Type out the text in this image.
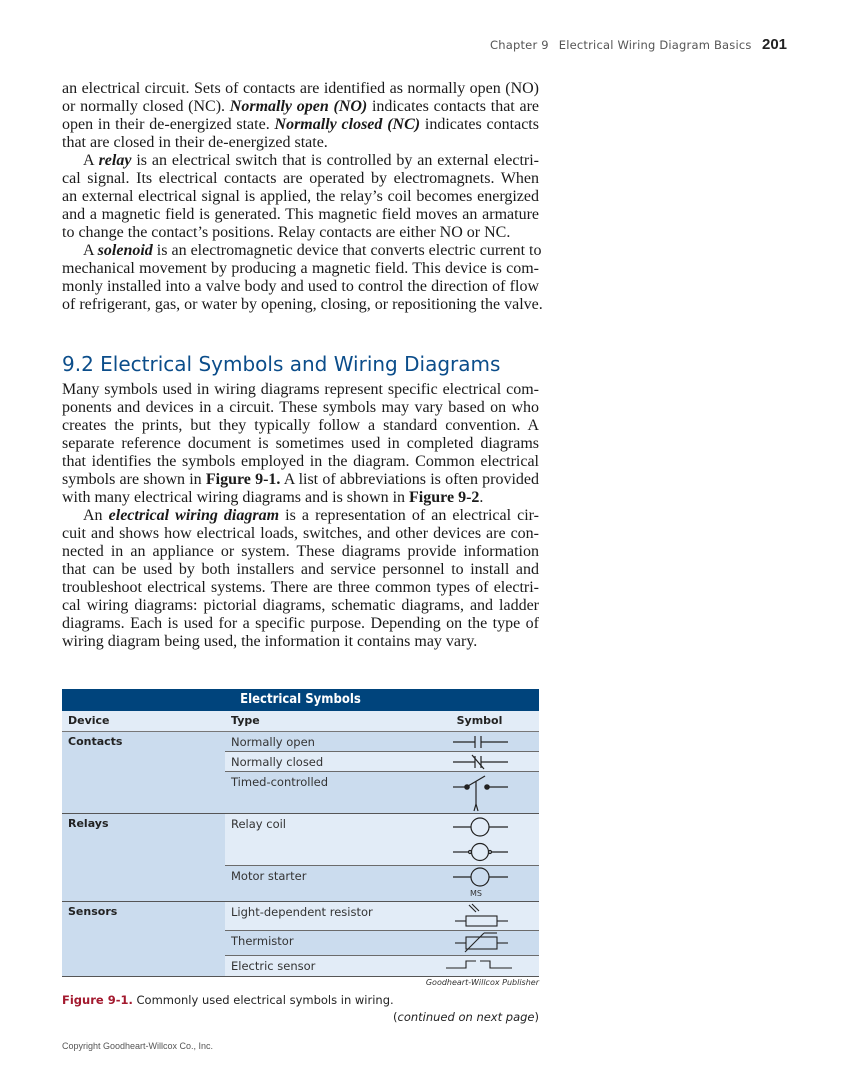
Chapter 9 Electrical Wiring Diagram Basics 201
an electrical circuit. Sets of contacts are identified as normally open (NO)
or normally closed (NC). Normally open (NO) indicates contacts that are
open in their de-energized state. Normally closed (NC) indicates contacts
that are closed in their de-energized state.
A relay is an electrical switch that is controlled by an external electri-
cal signal. Its electrical contacts are operated by electromagnets. When
an external electrical signal is applied, the relay’s coil becomes energized
and a magnetic field is generated. This magnetic field moves an armature
to change the contact’s positions. Relay contacts are either NO or NC.
A solenoid is an electromagnetic device that converts electric current to
mechanical movement by producing a magnetic field. This device is com-
monly installed into a valve body and used to control the direction of flow
of refrigerant, gas, or water by opening, closing, or repositioning the valve.
9.2 Electrical Symbols and Wiring Diagrams
Many symbols used in wiring diagrams represent specific electrical com-
ponents and devices in a circuit. These symbols may vary based on who
creates the prints, but they typically follow a standard convention. A
separate reference document is sometimes used in completed diagrams
that identifies the symbols employed in the diagram. Common electrical
symbols are shown in Figure 9-1. A list of abbreviations is often provided
with many electrical wiring diagrams and is shown in Figure 9-2.
An electrical wiring diagram is a representation of an electrical cir-
cuit and shows how electrical loads, switches, and other devices are con-
nected in an appliance or system. These diagrams provide information
that can be used by both installers and service personnel to install and
troubleshoot electrical systems. There are three common types of electri-
cal wiring diagrams: pictorial diagrams, schematic diagrams, and ladder
diagrams. Each is used for a specific purpose. Depending on the type of
wiring diagram being used, the information it contains may vary.
Electrical Symbols
Device	Type	Symbol
Contacts	Normally open
Normally closed
Timed-controlled
Relays	Relay coil
Motor starter
MS
Sensors	Light-dependent resistor
Thermistor
Electric sensor
Goodheart-Willcox Publisher
Figure 9-1. Commonly used electrical symbols in wiring.
(continued on next page)
Copyright Goodheart-Willcox Co., Inc.
